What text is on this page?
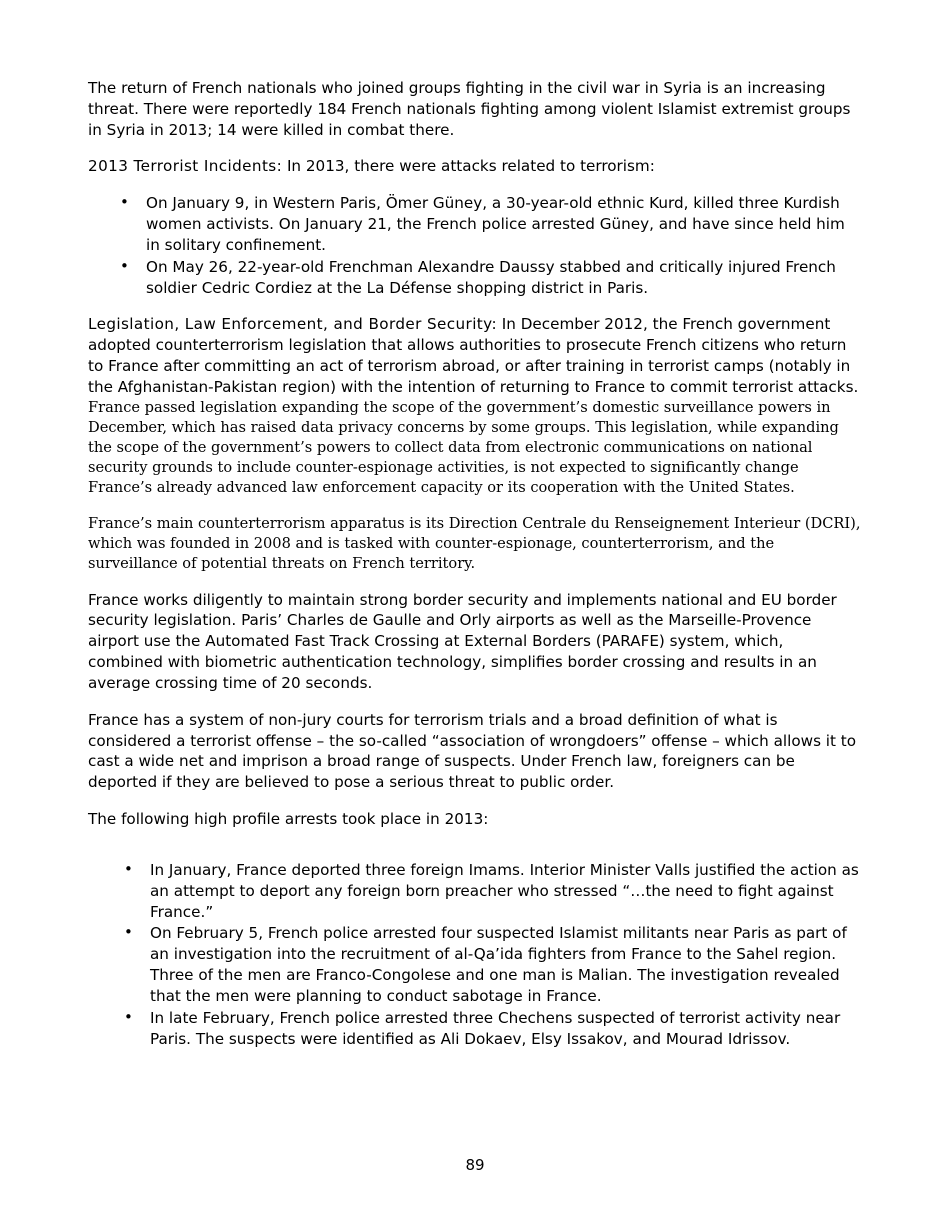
The return of French nationals who joined groups fighting in the civil war in Syria is an increasing threat. There were reportedly 184 French nationals fighting among violent Islamist extremist groups in Syria in 2013; 14 were killed in combat there.

2013 Terrorist Incidents: In 2013, there were attacks related to terrorism:

• On January 9, in Western Paris, Ömer Güney, a 30-year-old ethnic Kurd, killed three Kurdish women activists. On January 21, the French police arrested Güney, and have since held him in solitary confinement.
• On May 26, 22-year-old Frenchman Alexandre Daussy stabbed and critically injured French soldier Cedric Cordiez at the La Défense shopping district in Paris.

Legislation, Law Enforcement, and Border Security: In December 2012, the French government adopted counterterrorism legislation that allows authorities to prosecute French citizens who return to France after committing an act of terrorism abroad, or after training in terrorist camps (notably in the Afghanistan-Pakistan region) with the intention of returning to France to commit terrorist attacks.

France passed legislation expanding the scope of the government’s domestic surveillance powers in December, which has raised data privacy concerns by some groups. This legislation, while expanding the scope of the government’s powers to collect data from electronic communications on national security grounds to include counter-espionage activities, is not expected to significantly change France’s already advanced law enforcement capacity or its cooperation with the United States.

France’s main counterterrorism apparatus is its Direction Centrale du Renseignement Interieur (DCRI), which was founded in 2008 and is tasked with counter-espionage, counterterrorism, and the surveillance of potential threats on French territory.

France works diligently to maintain strong border security and implements national and EU border security legislation. Paris’ Charles de Gaulle and Orly airports as well as the Marseille-Provence airport use the Automated Fast Track Crossing at External Borders (PARAFE) system, which, combined with biometric authentication technology, simplifies border crossing and results in an average crossing time of 20 seconds.

France has a system of non-jury courts for terrorism trials and a broad definition of what is considered a terrorist offense – the so-called “association of wrongdoers” offense – which allows it to cast a wide net and imprison a broad range of suspects. Under French law, foreigners can be deported if they are believed to pose a serious threat to public order.

The following high profile arrests took place in 2013:

• In January, France deported three foreign Imams. Interior Minister Valls justified the action as an attempt to deport any foreign born preacher who stressed “…the need to fight against France.”
• On February 5, French police arrested four suspected Islamist militants near Paris as part of an investigation into the recruitment of al-Qa’ida fighters from France to the Sahel region. Three of the men are Franco-Congolese and one man is Malian. The investigation revealed that the men were planning to conduct sabotage in France.
• In late February, French police arrested three Chechens suspected of terrorist activity near Paris. The suspects were identified as Ali Dokaev, Elsy Issakov, and Mourad Idrissov.
89
